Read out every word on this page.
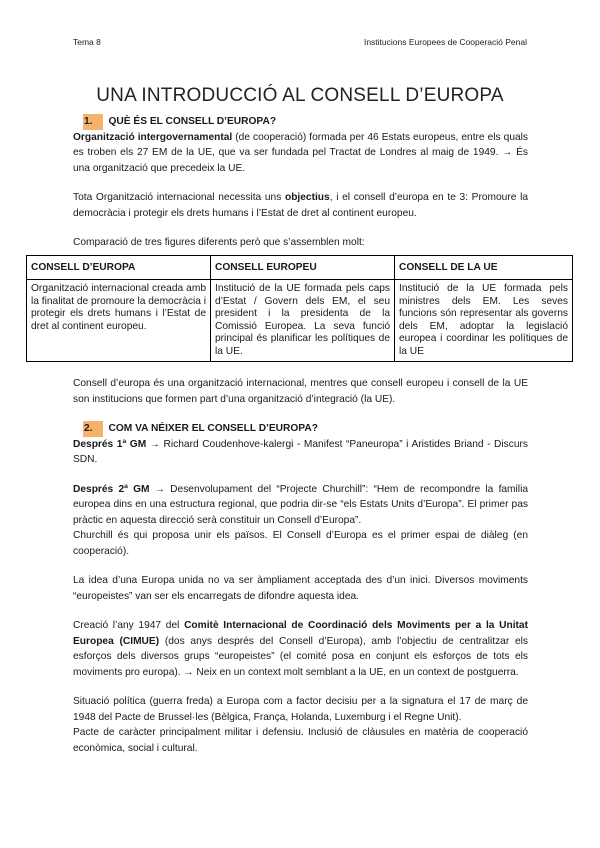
Tema 8	Institucions Europees de Cooperació Penal
UNA INTRODUCCIÓ AL CONSELL D’EUROPA
1. QUÈ ÉS EL CONSELL D’EUROPA?

Organització intergovernamental (de cooperació) formada per 46 Estats europeus, entre els quals es troben els 27 EM de la UE, que va ser fundada pel Tractat de Londres al maig de 1949. → És una organització que precedeix la UE.

Tota Organització internacional necessita uns objectius, i el consell d’europa en te 3: Promoure la democràcia i protegir els drets humans i l’Estat de dret al continent europeu.

Comparació de tres figures diferents però que s’assemblen molt:

CONSELL D’EUROPA	CONSELL EUROPEU	CONSELL DE LA UE
Organització internacional creada amb la finalitat de promoure la democràcia i protegir els drets humans i l’Estat de dret al continent europeu.	Institució de la UE formada pels caps d’Estat / Govern dels EM, el seu president i la presidenta de la Comissió Europea. La seva funció principal és planificar les polítiques de la UE.	Institució de la UE formada pels ministres dels EM. Les seves funcions són representar als governs dels EM, adoptar la legislació europea i coordinar les polítiques de la UE

Consell d’europa és una organització internacional, mentres que consell europeu i consell de la UE son institucions que formen part d’una organització d’integració (la UE).

2. COM VA NÉIXER EL CONSELL D’EUROPA?

Després 1ª GM → Richard Coudenhove-kalergi - Manifest “Paneuropa” i Aristides Briand - Discurs SDN.

Després 2ª GM → Desenvolupament del “Projecte Churchill”: “Hem de recompondre la familia europea dins en una estructura regional, que podria dir-se “els Estats Units d’Europa”. El primer pas pràctic en aquesta direcció serà constituir un Consell d’Europa”.

Churchill és qui proposa unir els països. El Consell d’Europa es el primer espai de diàleg (en cooperació).

La idea d’una Europa unida no va ser àmpliament acceptada des d’un inici. Diversos moviments “europeistes” van ser els encarregats de difondre aquesta idea.

Creació l’any 1947 del Comitè Internacional de Coordinació dels Moviments per a la Unitat Europea (CIMUE) (dos anys després del Consell d’Europa), amb l’objectiu de centralitzar els esforços dels diversos grups “europeistes” (el comité posa en conjunt els esforços de tots els moviments pro europa). → Neix en un context molt semblant a la UE, en un context de postguerra.

Situació política (guerra freda) a Europa com a factor decisiu per a la signatura el 17 de març de 1948 del Pacte de Brussel·les (Bèlgica, França, Holanda, Luxemburg i el Regne Unit).

Pacte de caràcter principalment militar i defensiu. Inclusió de clàusules en matèria de cooperació econòmica, social i cultural.
